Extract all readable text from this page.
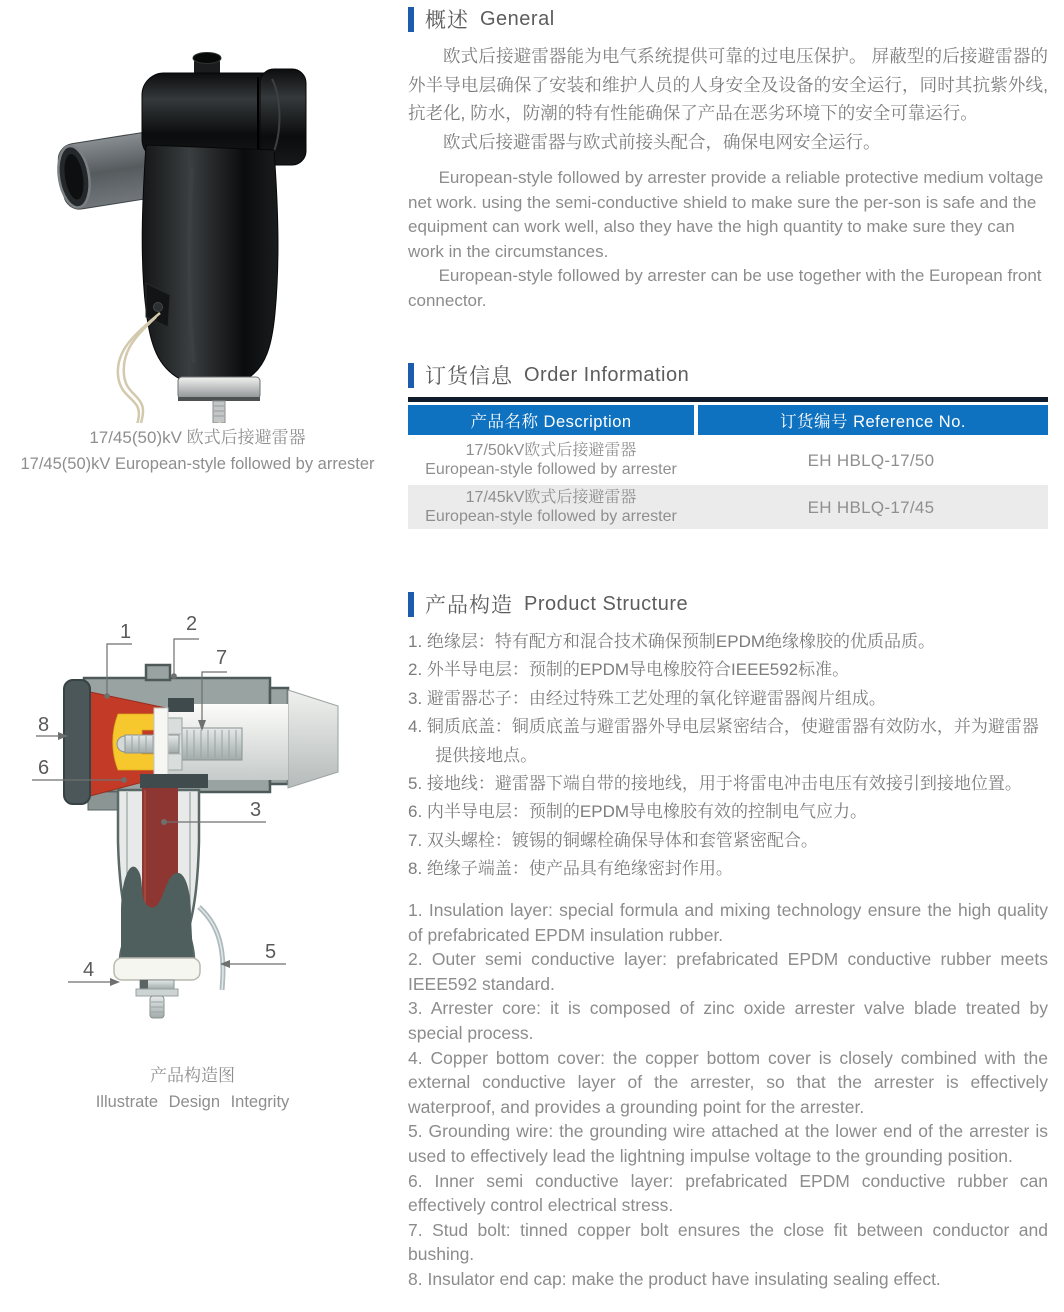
17/45(50)kV 欧式后接避雷器
17/45(50)kV European-style followed by arrester
1	2
7
8
6
3
4
5
产品构造图
Illustrate Design Integrity
概述 General

欧式后接避雷器能为电气系统提供可靠的过电压保护。 屏蔽型的后接避雷器的外半导电层确保了安装和维护人员的人身安全及设备的安全运行，同时其抗紫外线, 抗老化, 防水，防潮的特有性能确保了产品在恶劣环境下的安全可靠运行。

欧式后接避雷器与欧式前接头配合，确保电网安全运行。

European-style followed by arrester provide a reliable protective medium voltage net work. using the semi-conductive shield to make sure the per-son is safe and the equipment can work well, also they have the high quantity to make sure they can work in the circumstances.

European-style followed by arrester can be use together with the European front connector.

订货信息 Order Information
产品名称 Description	订货编号 Reference No.
17/50kV欧式后接避雷器
European-style followed by arrester	EH HBLQ-17/50
17/45kV欧式后接避雷器
European-style followed by arrester	EH HBLQ-17/45
产品构造 Product Structure
1. 绝缘层：特有配方和混合技术确保预制EPDM绝缘橡胶的优质品质。
2. 外半导电层：预制的EPDM导电橡胶符合IEEE592标准。
3. 避雷器芯子：由经过特殊工艺处理的氧化锌避雷器阀片组成。
4. 铜质底盖：铜质底盖与避雷器外导电层紧密结合，使避雷器有效防水，并为避雷器提供接地点。
5. 接地线：避雷器下端自带的接地线，用于将雷电冲击电压有效接引到接地位置。
6. 内半导电层：预制的EPDM导电橡胶有效的控制电气应力。
7. 双头螺栓：镀锡的铜螺栓确保导体和套管紧密配合。
8. 绝缘子端盖：使产品具有绝缘密封作用。
1. Insulation layer: special formula and mixing technology ensure the high quality of prefabricated EPDM insulation rubber.
2. Outer semi conductive layer: prefabricated EPDM conductive rubber meets IEEE592 standard.
3. Arrester core: it is composed of zinc oxide arrester valve blade treated by special process.
4. Copper bottom cover: the copper bottom cover is closely combined with the external conductive layer of the arrester, so that the arrester is effectively waterproof, and provides a grounding point for the arrester.
5. Grounding wire: the grounding wire attached at the lower end of the arrester is used to effectively lead the lightning impulse voltage to the grounding position.
6. Inner semi conductive layer: prefabricated EPDM conductive rubber can effectively control electrical stress.
7. Stud bolt: tinned copper bolt ensures the close fit between conductor and bushing.
8. Insulator end cap: make the product have insulating sealing effect.
